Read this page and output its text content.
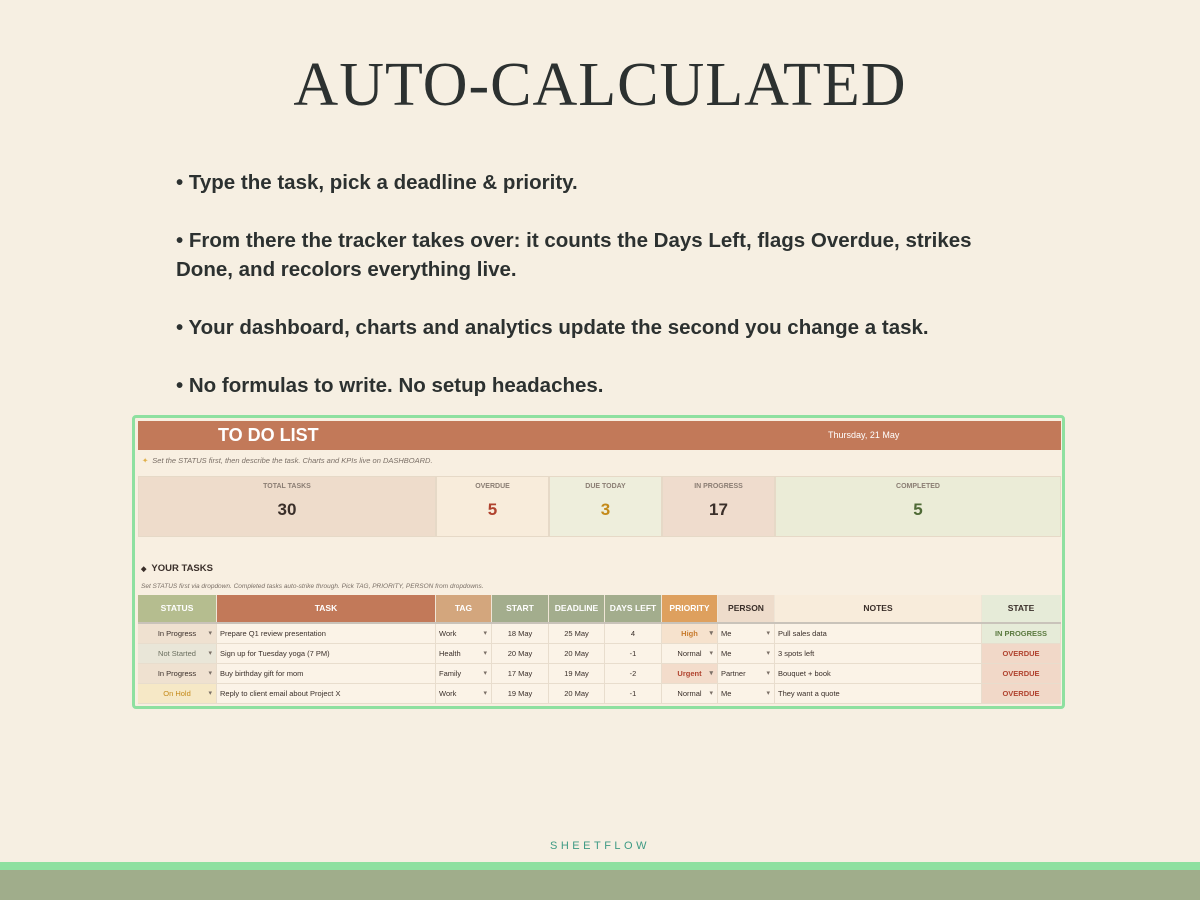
AUTO-CALCULATED

• Type the task, pick a deadline & priority.

• From there the tracker takes over: it counts the Days Left, flags Overdue, strikes Done, and recolors everything live.

• Your dashboard, charts and analytics update the second you change a task.

• No formulas to write. No setup headaches.

TO DO LIST	Thursday, 21 May
✦ Set the STATUS first, then describe the task. Charts and KPIs live on DASHBOARD.
TOTAL TASKS
30
OVERDUE
5
DUE TODAY
3
IN PROGRESS
17
COMPLETED
5
◆ YOUR TASKS
Set STATUS first via dropdown. Completed tasks auto-strike through. Pick TAG, PRIORITY, PERSON from dropdowns.
STATUS	TASK	TAG	START	DEADLINE	DAYS LEFT	PRIORITY	PERSON	NOTES	STATE
In Progress ▾	Prepare Q1 review presentation	Work ▾	18 May	25 May	4	High ▾	Me ▾	Pull sales data	IN PROGRESS
Not Started ▾	Sign up for Tuesday yoga (7 PM)	Health ▾	20 May	20 May	-1	Normal ▾	Me ▾	3 spots left	OVERDUE
In Progress ▾	Buy birthday gift for mom	Family ▾	17 May	19 May	-2	Urgent ▾	Partner ▾	Bouquet + book	OVERDUE
On Hold ▾	Reply to client email about Project X	Work ▾	19 May	20 May	-1	Normal ▾	Me ▾	They want a quote	OVERDUE
SHEETFLOW
